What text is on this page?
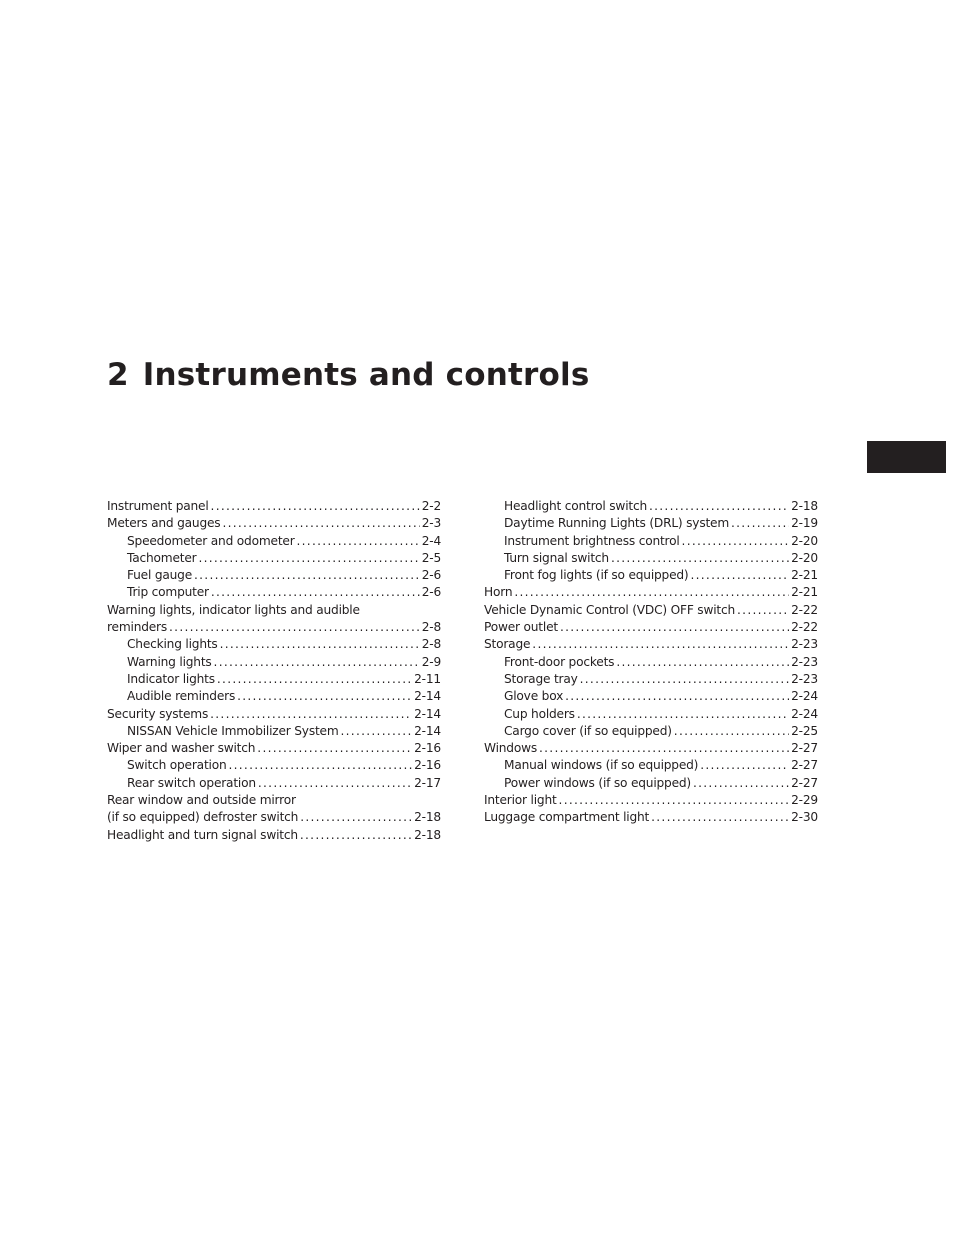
2 Instruments and controls
Instrument panel . . .	2-2
Meters and gauges . . .	2-3
Speedometer and odometer . . .	2-4
Tachometer . . .	2-5
Fuel gauge . . .	2-6
Trip computer . . .	2-6
Warning lights, indicator lights and audible
reminders . . .	2-8
Checking lights . . .	2-8
Warning lights . . .	2-9
Indicator lights . . .	2-11
Audible reminders . . .	2-14
Security systems . . .	2-14
NISSAN Vehicle Immobilizer System . . .	2-14
Wiper and washer switch . . .	2-16
Switch operation . . .	2-16
Rear switch operation . . .	2-17
Rear window and outside mirror
(if so equipped) defroster switch . . .	2-18
Headlight and turn signal switch . . .	2-18
Headlight control switch . . .	2-18
Daytime Running Lights (DRL) system . . .	2-19
Instrument brightness control . . .	2-20
Turn signal switch . . .	2-20
Front fog lights (if so equipped) . . .	2-21
Horn . . .	2-21
Vehicle Dynamic Control (VDC) OFF switch . . .	2-22
Power outlet . . .	2-22
Storage . . .	2-23
Front-door pockets . . .	2-23
Storage tray . . .	2-23
Glove box . . .	2-24
Cup holders . . .	2-24
Cargo cover (if so equipped) . . .	2-25
Windows . . .	2-27
Manual windows (if so equipped) . . .	2-27
Power windows (if so equipped) . . .	2-27
Interior light . . .	2-29
Luggage compartment light . . .	2-30
